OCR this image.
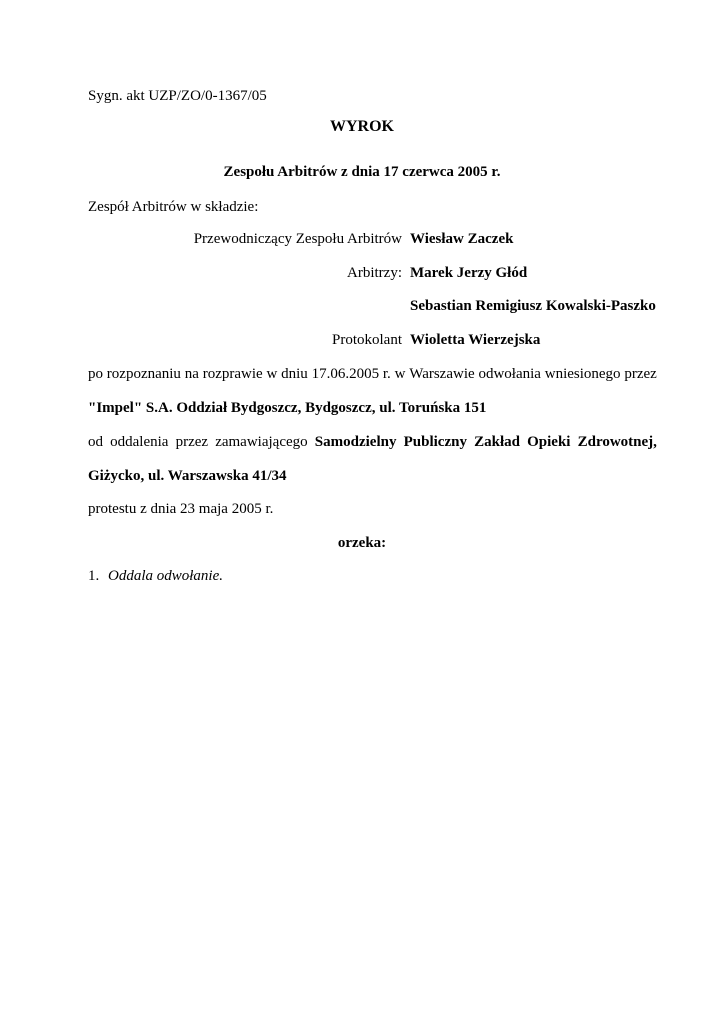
Sygn. akt UZP/ZO/0-1367/05
WYROK
Zespołu Arbitrów z dnia 17 czerwca 2005 r.
Zespół Arbitrów w składzie:
Przewodniczący Zespołu Arbitrów Wiesław Zaczek
Arbitrzy: Marek Jerzy Głód
Sebastian Remigiusz Kowalski-Paszko
Protokolant Wioletta Wierzejska
po rozpoznaniu na rozprawie w dniu 17.06.2005 r. w Warszawie odwołania wniesionego przez
"Impel" S.A. Oddział Bydgoszcz, Bydgoszcz, ul. Toruńska 151
od oddalenia przez zamawiającego Samodzielny Publiczny Zakład Opieki Zdrowotnej,
Giżycko, ul. Warszawska 41/34
protestu z dnia 23 maja 2005 r.
orzeka:
1. Oddala odwołanie.
